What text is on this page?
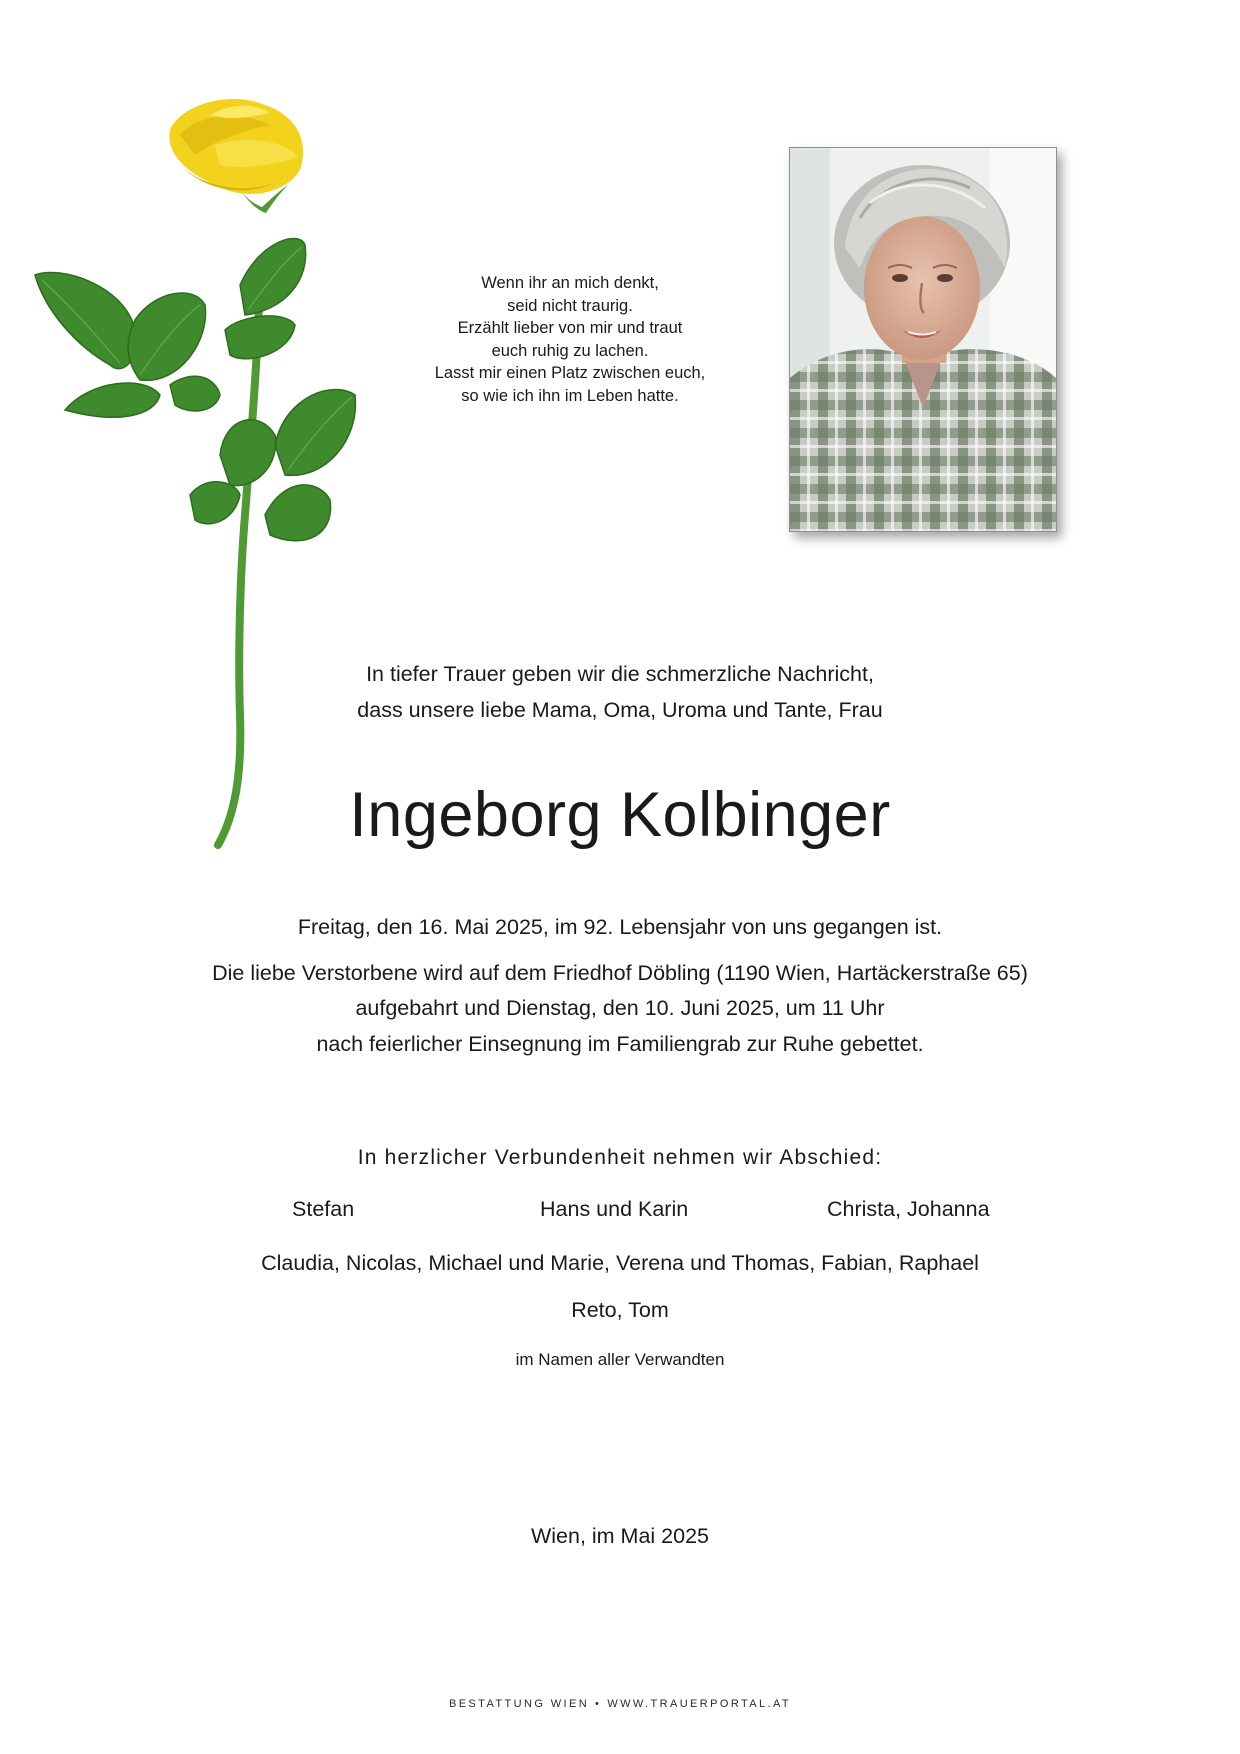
Wenn ihr an mich denkt,
seid nicht traurig.
Erzählt lieber von mir und traut
euch ruhig zu lachen.
Lasst mir einen Platz zwischen euch,
so wie ich ihn im Leben hatte.
In tiefer Trauer geben wir die schmerzliche Nachricht,
dass unsere liebe Mama, Oma, Uroma und Tante, Frau
Ingeborg Kolbinger
Freitag, den 16. Mai 2025, im 92. Lebensjahr von uns gegangen ist.
Die liebe Verstorbene wird auf dem Friedhof Döbling (1190 Wien, Hartäckerstraße 65)
aufgebahrt und Dienstag, den 10. Juni 2025, um 11 Uhr
nach feierlicher Einsegnung im Familiengrab zur Ruhe gebettet.
In herzlicher Verbundenheit nehmen wir Abschied:
Stefan	Hans und Karin	Christa, Johanna
Claudia, Nicolas, Michael und Marie, Verena und Thomas, Fabian, Raphael
Reto, Tom
im Namen aller Verwandten
Wien, im Mai 2025
BESTATTUNG WIEN • WWW.TRAUERPORTAL.AT
